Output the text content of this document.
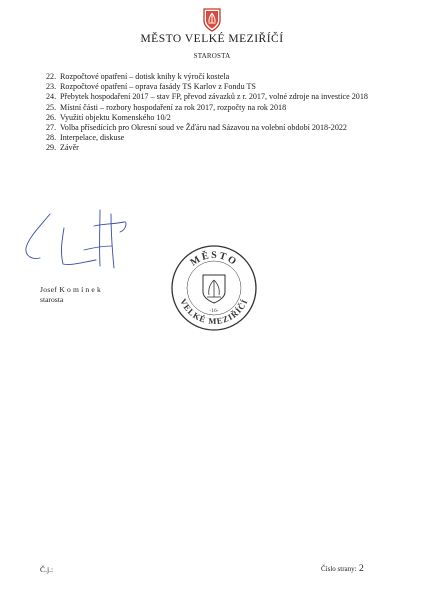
MĚSTO VELKÉ MEZIŘÍČÍ
STAROSTA
22. Rozpočtové opatření – dotisk knihy k výročí kostela
23. Rozpočtové opatření – oprava fasády TS Karlov z Fondu TS
24. Přebytek hospodaření 2017 – stav FP, převod závazků z r. 2017, volné zdroje na investice 2018
25. Místní části – rozbory hospodaření za rok 2017, rozpočty na rok 2018
26. Využití objektu Komenského 10/2
27. Volba přísedících pro Okresní soud ve Žďáru nad Sázavou na volební období 2018-2022
28. Interpelace, diskuse
29. Závěr
MĚSTO
VELKÉ MEZIŘÍČÍ
-16-
Josef Komínek
starosta
Č.j.:	Číslo strany: 2
